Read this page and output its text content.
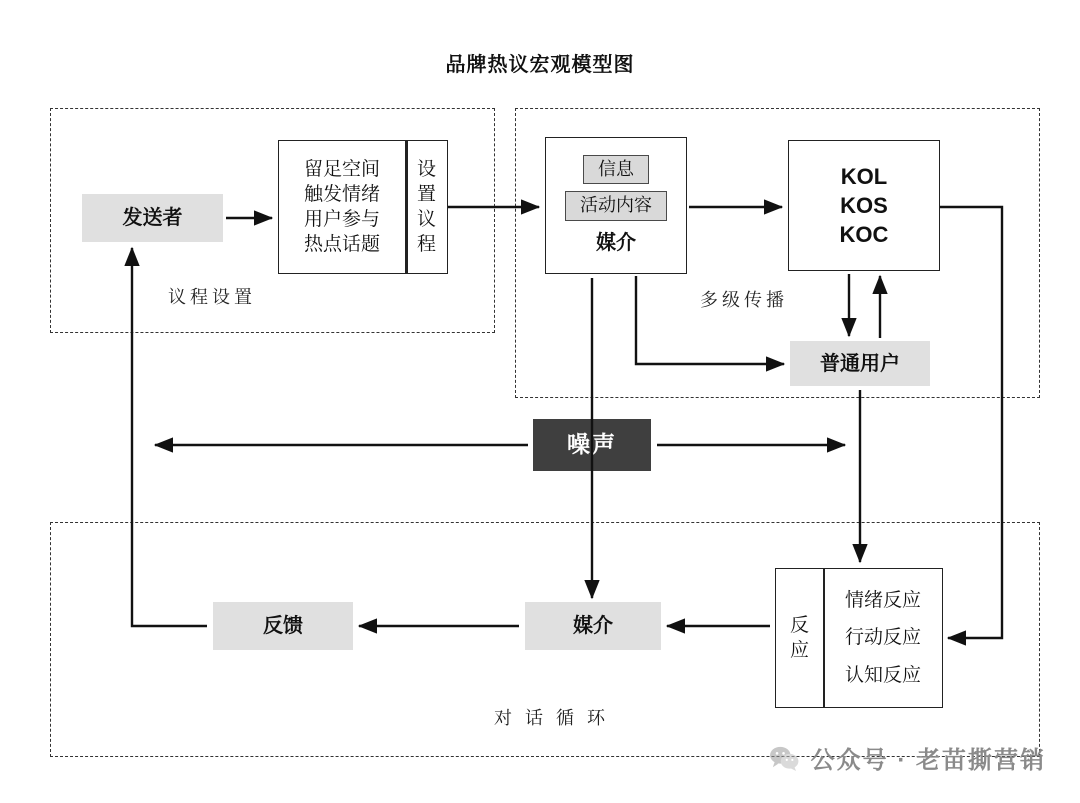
品牌热议宏观模型图
议程设置	多级传播
对 话 循 环
发送者
留足空间
触发情绪
用户参与
热点话题
设
置
议
程
信息
活动内容
媒介
KOL
KOS
KOC
普通用户
噪声
反馈	媒介	反
应
情绪反应
行动反应
认知反应
公众号 · 老苗撕营销
